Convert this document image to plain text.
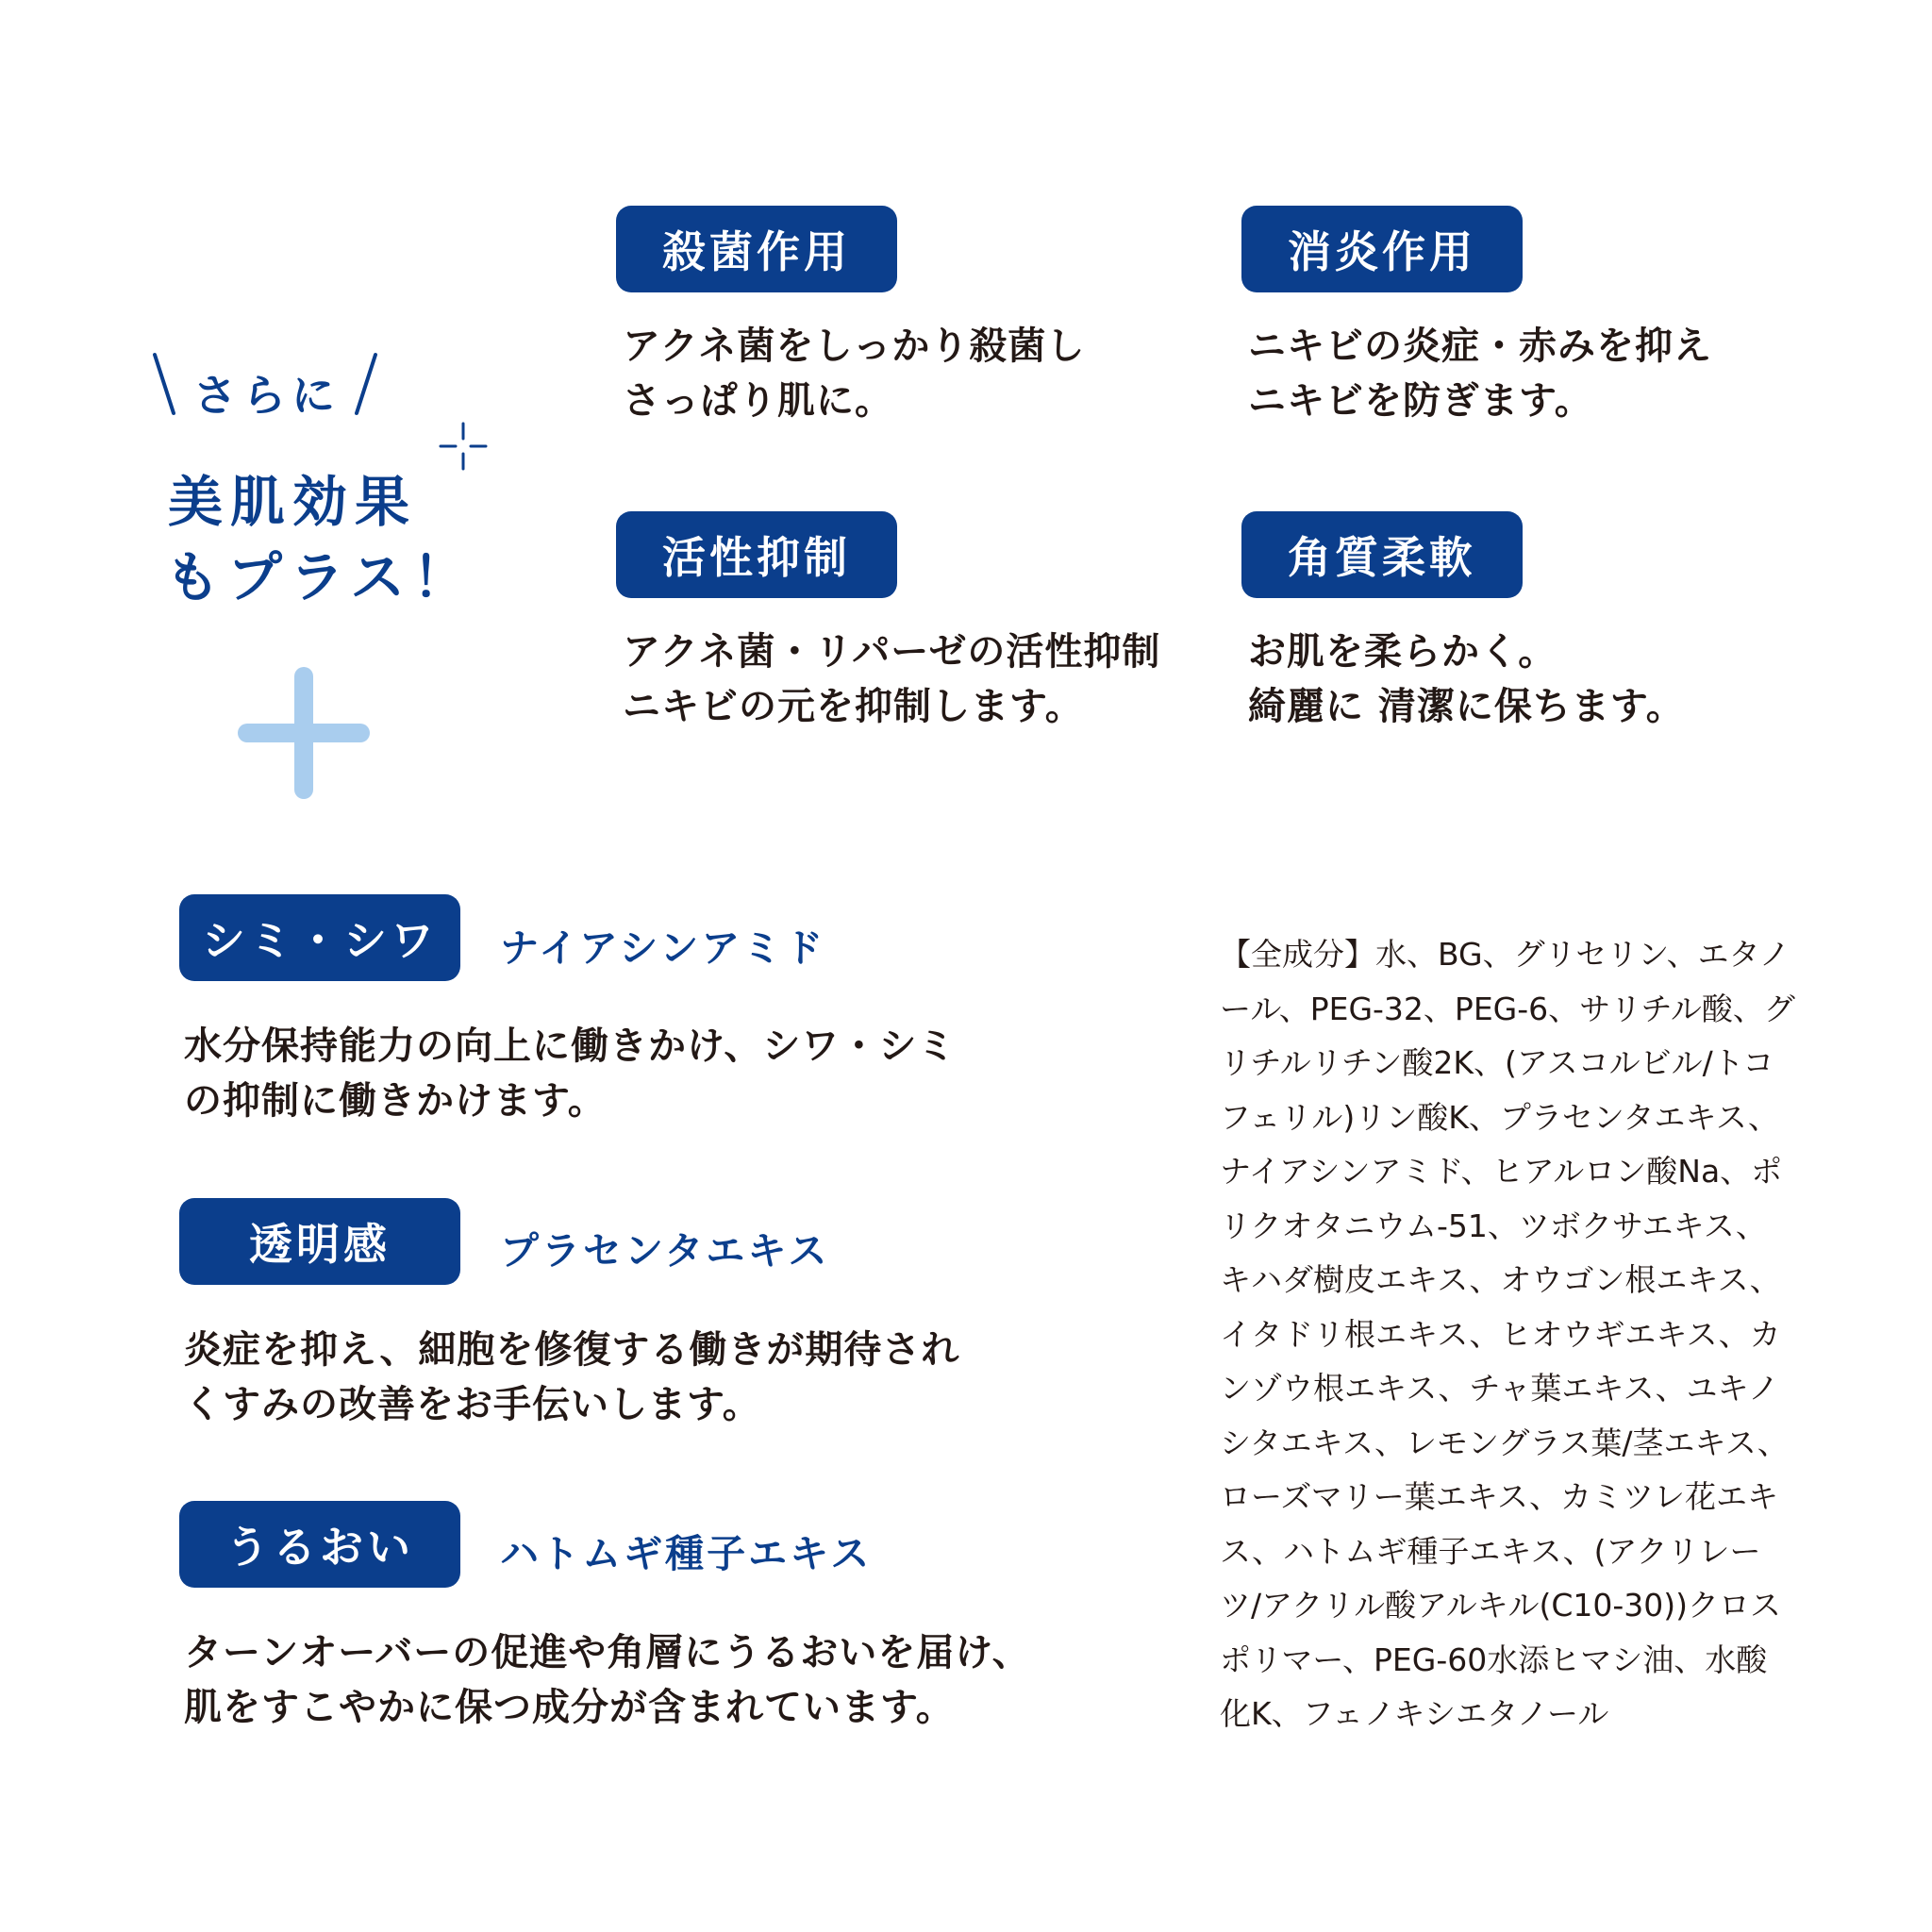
さらに
美肌効果
もプラス！
殺菌作用
アクネ菌をしっかり殺菌し
さっぱり肌に。
消炎作用
ニキビの炎症・赤みを抑え
ニキビを防ぎます。
活性抑制
アクネ菌・リパーゼの活性抑制
ニキビの元を抑制します。
角質柔軟
お肌を柔らかく。
綺麗に 清潔に保ちます。
シミ・シワ	ナイアシンアミド
水分保持能力の向上に働きかけ、シワ・シミ
の抑制に働きかけます。
透明感	プラセンタエキス
炎症を抑え、細胞を修復する働きが期待され
くすみの改善をお手伝いします。
うるおい	ハトムギ種子エキス
ターンオーバーの促進や角層にうるおいを届け、
肌をすこやかに保つ成分が含まれています。
【全成分】水、BG、グリセリン、エタノール、PEG-32、PEG-6、サリチル酸、グリチルリチン酸2K、(アスコルビル/トコフェリル)リン酸K、プラセンタエキス、ナイアシンアミド、ヒアルロン酸Na、ポリクオタニウム-51、ツボクサエキス、キハダ樹皮エキス、オウゴン根エキス、イタドリ根エキス、ヒオウギエキス、カンゾウ根エキス、チャ葉エキス、ユキノシタエキス、レモングラス葉/茎エキス、ローズマリー葉エキス、カミツレ花エキス、ハトムギ種子エキス、(アクリレーツ/アクリル酸アルキル(C10-30))クロスポリマー、PEG-60水添ヒマシ油、水酸化K、フェノキシエタノール
